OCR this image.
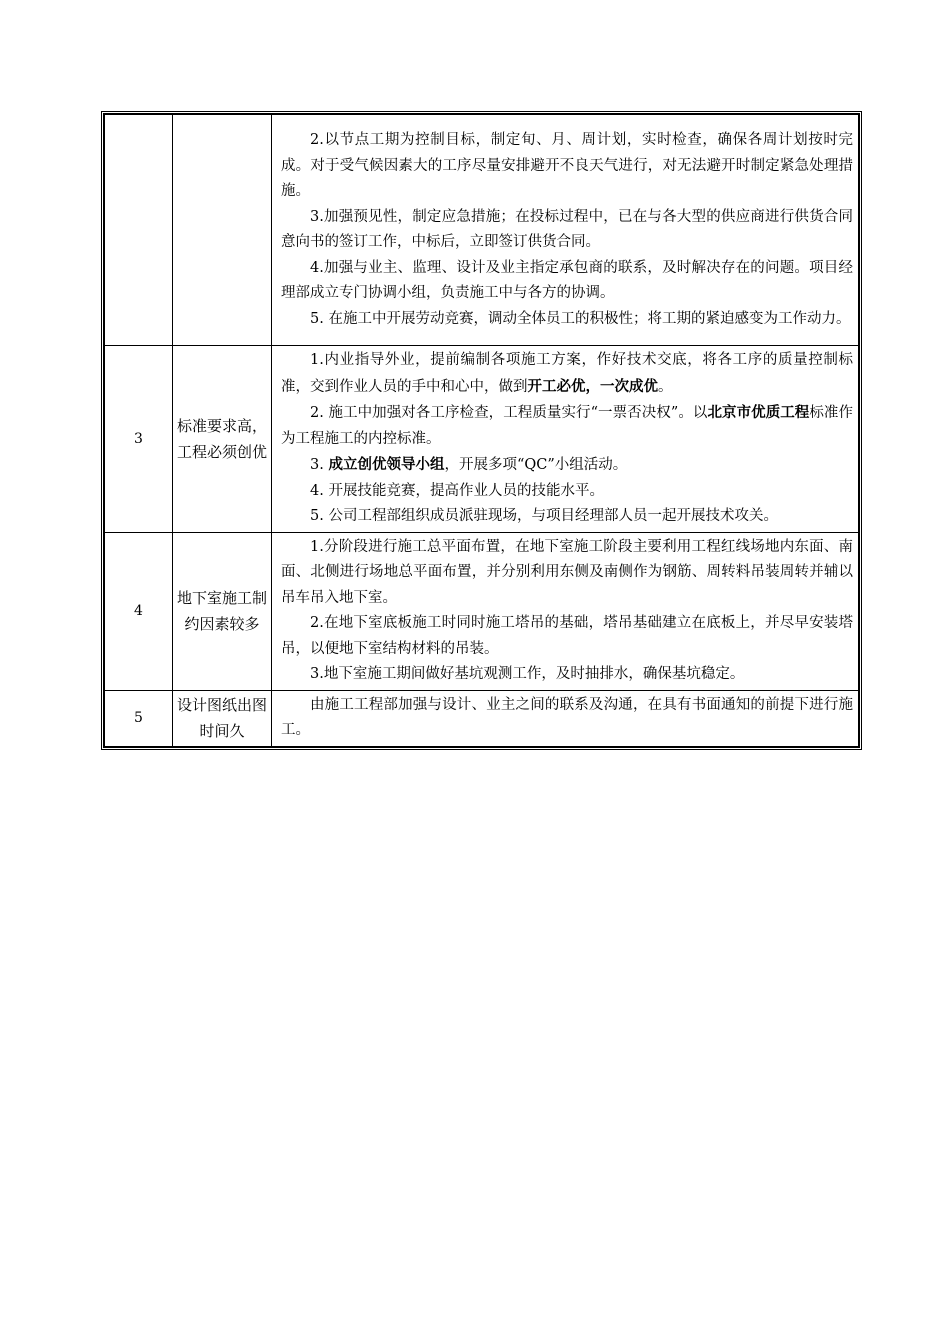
		2.以节点工期为控制目标，制定旬、月、周计划，实时检查，确保各周计划按时完成。对于受气候因素大的工序尽量安排避开不良天气进行，对无法避开时制定紧急处理措施。

3.加强预见性，制定应急措施；在投标过程中，已在与各大型的供应商进行供货合同意向书的签订工作，中标后，立即签订供货合同。

4.加强与业主、监理、设计及业主指定承包商的联系，及时解决存在的问题。项目经理部成立专门协调小组，负责施工中与各方的协调。

5. 在施工中开展劳动竞赛，调动全体员工的积极性；将工期的紧迫感变为工作动力。

3	标准要求高，工程必须创优	1.内业指导外业，提前编制各项施工方案，作好技术交底，将各工序的质量控制标准，交到作业人员的手中和心中，做到开工必优，一次成优。

2. 施工中加强对各工序检查，工程质量实行“一票否决权”。以北京市优质工程标准作为工程施工的内控标准。

3. 成立创优领导小组，开展多项“QC”小组活动。

4. 开展技能竞赛，提高作业人员的技能水平。

5. 公司工程部组织成员派驻现场，与项目经理部人员一起开展技术攻关。

4	地下室施工制约因素较多	1.分阶段进行施工总平面布置，在地下室施工阶段主要利用工程红线场地内东面、南面、北侧进行场地总平面布置，并分别利用东侧及南侧作为钢筋、周转料吊装周转并辅以吊车吊入地下室。

2.在地下室底板施工时同时施工塔吊的基础，塔吊基础建立在底板上，并尽早安装塔吊，以便地下室结构材料的吊装。

3.地下室施工期间做好基坑观测工作，及时抽排水，确保基坑稳定。

5	设计图纸出图时间久	由施工工程部加强与设计、业主之间的联系及沟通，在具有书面通知的前提下进行施工。
